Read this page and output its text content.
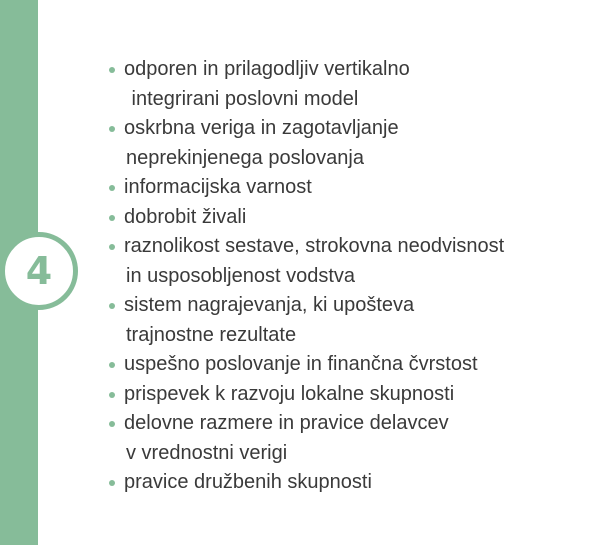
4
odporen in prilagodljiv vertikalno
integrirani poslovni model
oskrbna veriga in zagotavljanje
neprekinjenega poslovanja
informacijska varnost
dobrobit živali
raznolikost sestave, strokovna neodvisnost
in usposobljenost vodstva
sistem nagrajevanja, ki upošteva
trajnostne rezultate
uspešno poslovanje in finančna čvrstost
prispevek k razvoju lokalne skupnosti
delovne razmere in pravice delavcev
v vrednostni verigi
pravice družbenih skupnosti
